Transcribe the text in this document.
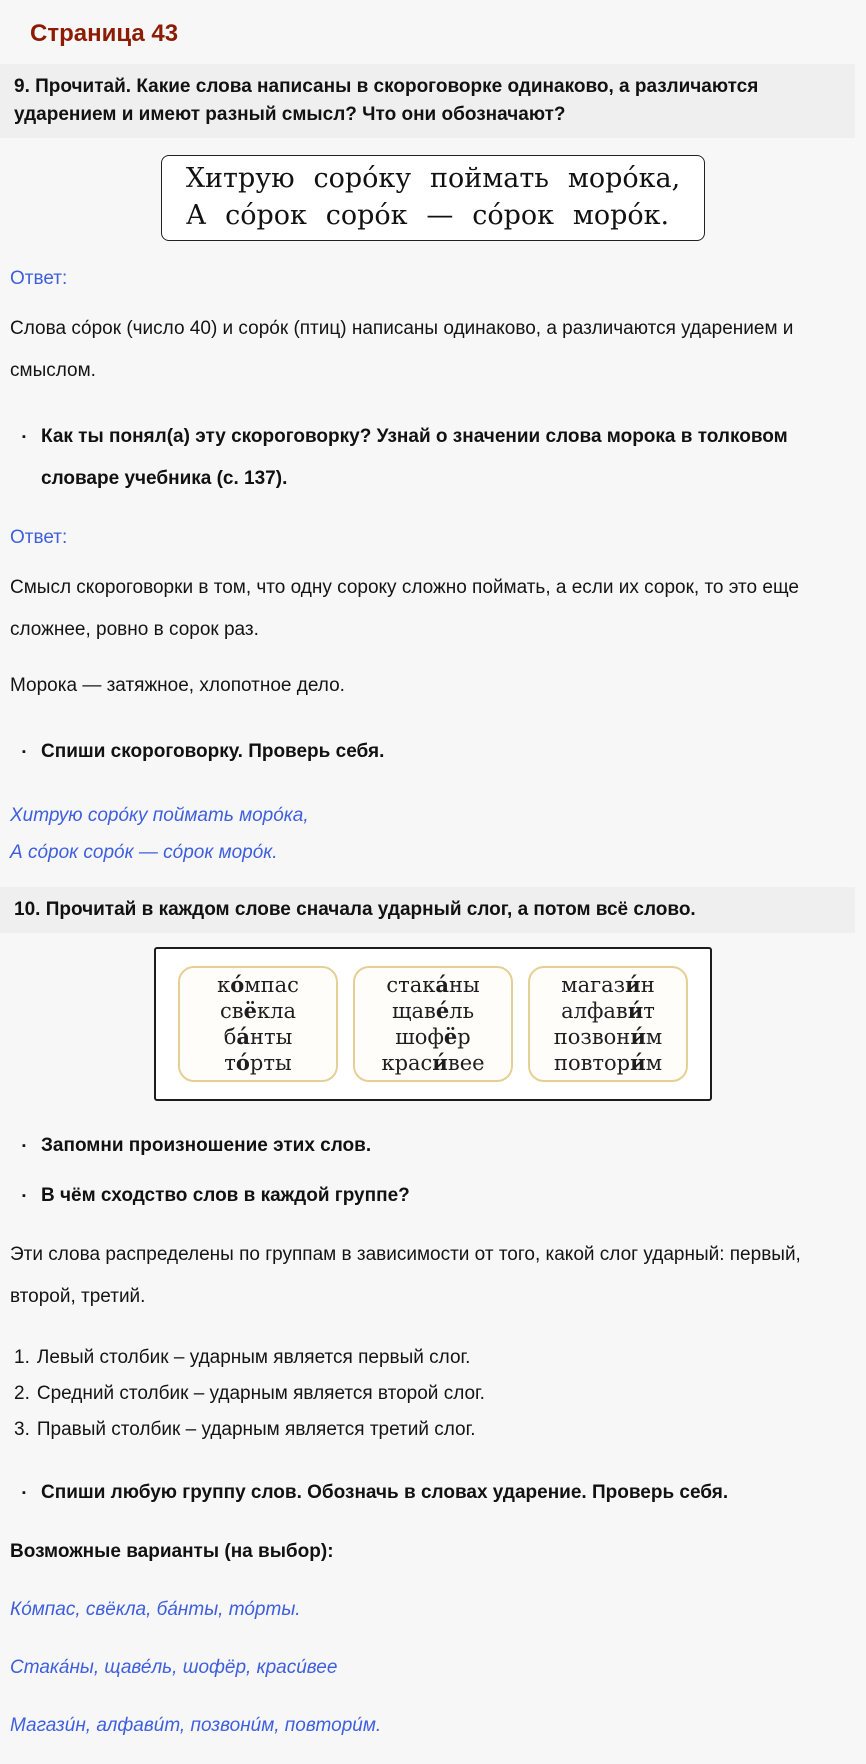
Страница 43
9. Прочитай. Какие слова написаны в скороговорке одинаково, а различаются ударением и имеют разный смысл? Что они обозначают?
Хитрую соро́ку поймать моро́ка,
А со́рок соро́к — со́рок моро́к.
Ответ:

Слова со́рок (число 40) и соро́к (птиц) написаны одинаково, а различаются ударением и смыслом.

▪ Как ты понял(а) эту скороговорку? Узнай о значении слова морока в толковом словаре учебника (с. 137).
Ответ:

Смысл скороговорки в том, что одну сороку сложно поймать, а если их сорок, то это еще сложнее, ровно в сорок раз.

Морока — затяжное, хлопотное дело.

▪ Спиши скороговорку. Проверь себя.
Хитрую соро́ку поймать моро́ка,
А со́рок соро́к — со́рок моро́к.
10. Прочитай в каждом слове сначала ударный слог, а потом всё слово.
ко́мпас
свёкла
ба́нты
то́рты
стака́ны
щаве́ль
шофёр
краси́вее
магази́н
алфави́т
позвони́м
повтори́м
▪ Запомни произношение этих слов.
▪ В чём сходство слов в каждой группе?

Эти слова распределены по группам в зависимости от того, какой слог ударный: первый, второй, третий.

1. Левый столбик – ударным является первый слог.
2. Средний столбик – ударным является второй слог.
3. Правый столбик – ударным является третий слог.
▪ Спиши любую группу слов. Обозначь в словах ударение. Проверь себя.
Возможные варианты (на выбор):
Ко́мпас, свёкла, ба́нты, то́рты.
Стака́ны, щаве́ль, шофёр, краси́вее
Магази́н, алфави́т, позвони́м, повтори́м.
